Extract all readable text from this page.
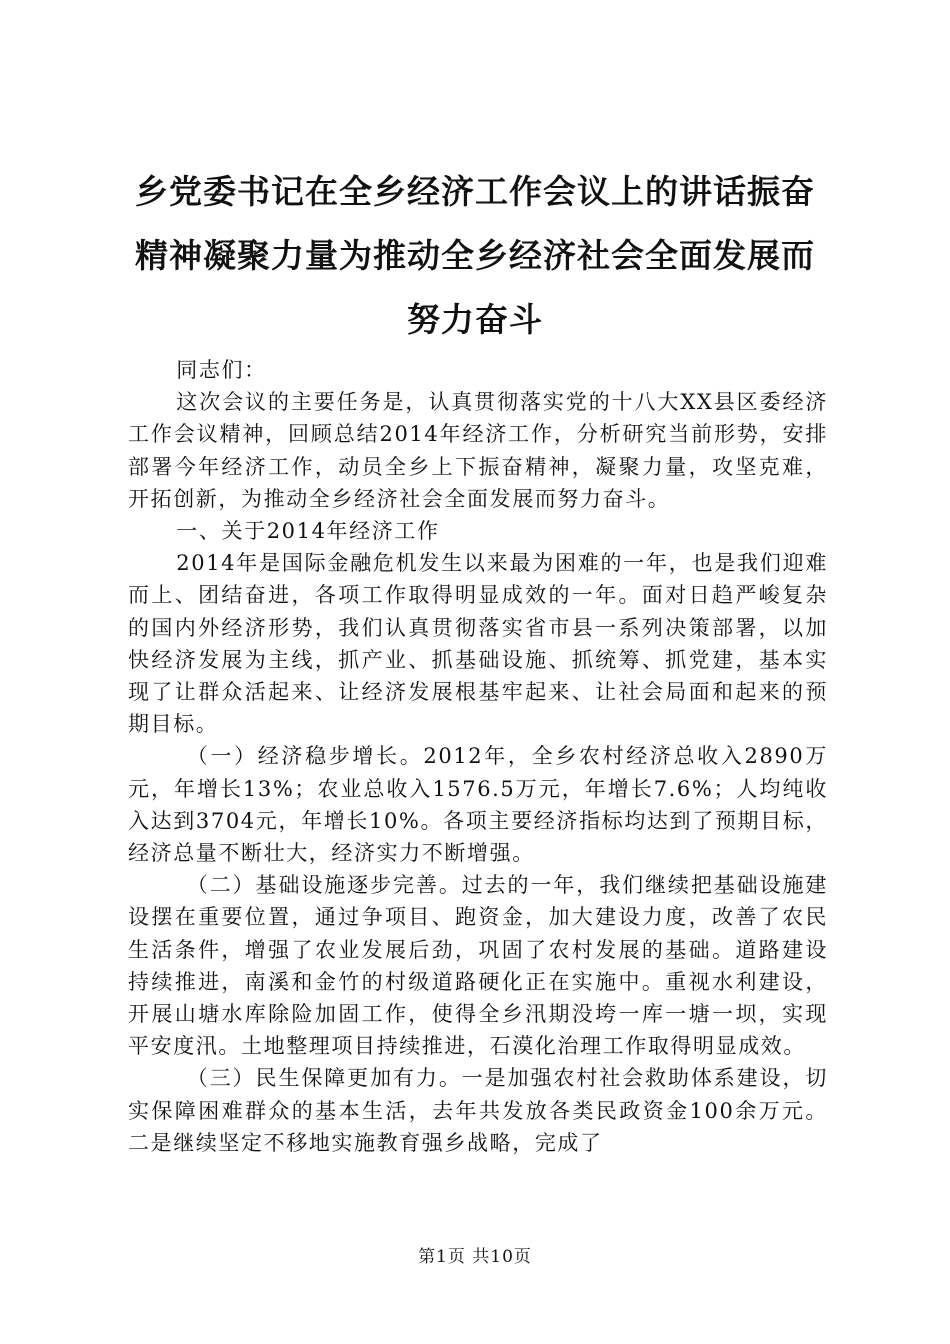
乡党委书记在全乡经济工作会议上的讲话振奋
精神凝聚力量为推动全乡经济社会全面发展而
努力奋斗

同志们：

这次会议的主要任务是，认真贯彻落实党的十八大XX县区委经济工作会议精神，回顾总结2014年经济工作，分析研究当前形势，安排部署今年经济工作，动员全乡上下振奋精神，凝聚力量，攻坚克难，开拓创新，为推动全乡经济社会全面发展而努力奋斗。

一、关于2014年经济工作

2014年是国际金融危机发生以来最为困难的一年，也是我们迎难而上、团结奋进，各项工作取得明显成效的一年。面对日趋严峻复杂的国内外经济形势，我们认真贯彻落实省市县一系列决策部署，以加快经济发展为主线，抓产业、抓基础设施、抓统筹、抓党建，基本实现了让群众活起来、让经济发展根基牢起来、让社会局面和起来的预期目标。

（一）经济稳步增长。2012年，全乡农村经济总收入2890万元，年增长13%；农业总收入1576.5万元，年增长7.6%；人均纯收入达到3704元，年增长10%。各项主要经济指标均达到了预期目标，经济总量不断壮大，经济实力不断增强。

（二）基础设施逐步完善。过去的一年，我们继续把基础设施建设摆在重要位置，通过争项目、跑资金，加大建设力度，改善了农民生活条件，增强了农业发展后劲，巩固了农村发展的基础。道路建设持续推进，南溪和金竹的村级道路硬化正在实施中。重视水利建设，开展山塘水库除险加固工作，使得全乡汛期没垮一库一塘一坝，实现平安度汛。土地整理项目持续推进，石漠化治理工作取得明显成效。

（三）民生保障更加有力。一是加强农村社会救助体系建设，切实保障困难群众的基本生活，去年共发放各类民政资金100余万元。二是继续坚定不移地实施教育强乡战略，完成了

第1页 共10页
